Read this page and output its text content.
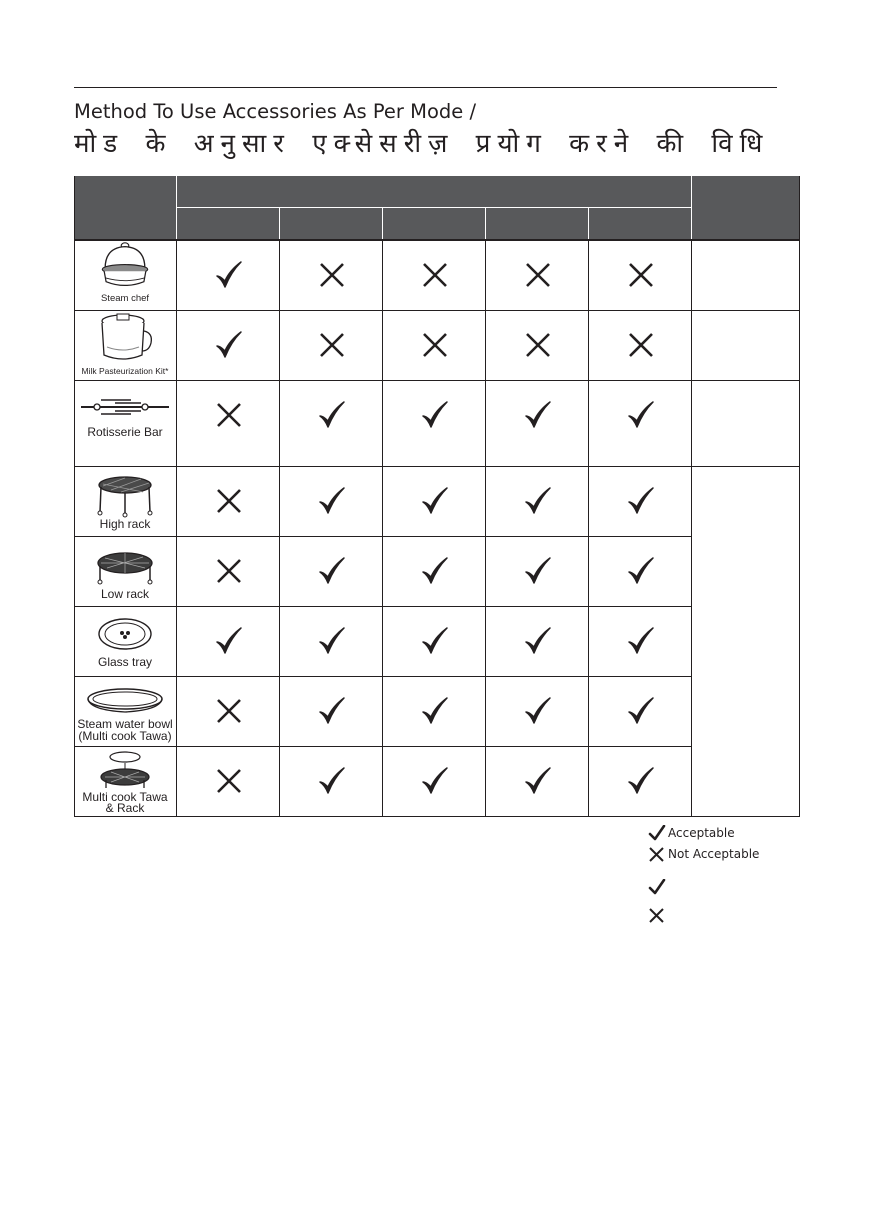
Method To Use Accessories As Per Mode /
मोड के अनुसार एक्सेसरीज़ प्रयोग करने की विधि
Steam chef
Milk Pasteurization Kit*
Rotisserie Bar
High rack
Low rack
Glass tray
Steam water bowl
(Multi cook Tawa)
Multi cook Tawa
& Rack
Acceptable
Not Acceptable
